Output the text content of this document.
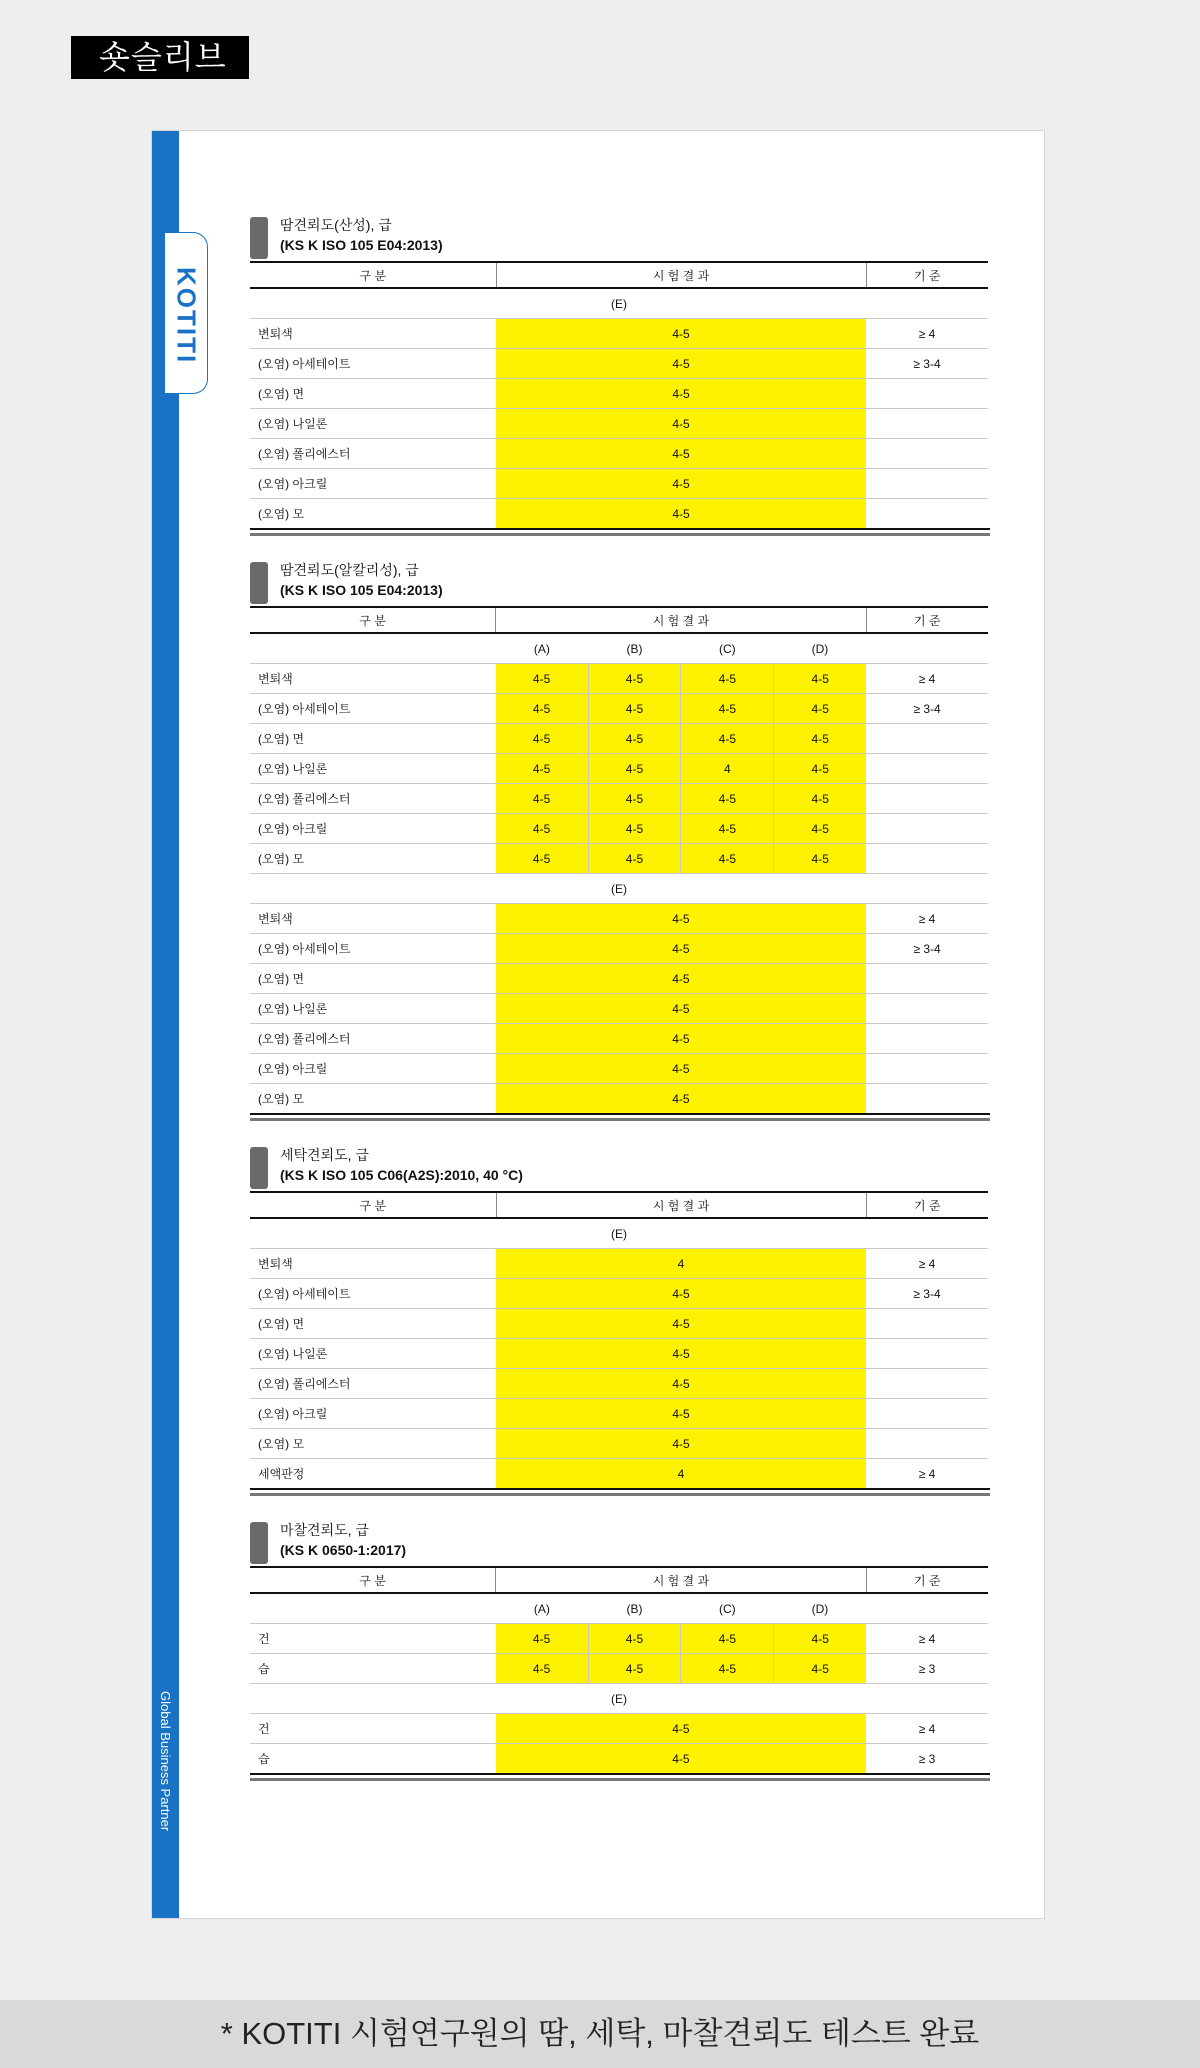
숏슬리브
KOTITI
Global Business Partner
땀견뢰도(산성), 급
(KS K ISO 105 E04:2013)
구 분	시 험 결 과	기 준
(E)		
변퇴색	4-5	≥ 4
(오염) 아세테이트	4-5	≥ 3-4
(오염) 면	4-5	
(오염) 나일론	4-5	
(오염) 폴리에스터	4-5	
(오염) 아크릴	4-5	
(오염) 모	4-5	
땀견뢰도(알칼리성), 급
(KS K ISO 105 E04:2013)
구 분	시 험 결 과				기 준
	(A)	(B)	(C)	(D)	
변퇴색	4-5	4-5	4-5	4-5	≥ 4
(오염) 아세테이트	4-5	4-5	4-5	4-5	≥ 3-4
(오염) 면	4-5	4-5	4-5	4-5	
(오염) 나일론	4-5	4-5	4	4-5	
(오염) 폴리에스터	4-5	4-5	4-5	4-5	
(오염) 아크릴	4-5	4-5	4-5	4-5	
(오염) 모	4-5	4-5	4-5	4-5	
(E)					
변퇴색	4-5				≥ 4
(오염) 아세테이트	4-5				≥ 3-4
(오염) 면	4-5				
(오염) 나일론	4-5				
(오염) 폴리에스터	4-5				
(오염) 아크릴	4-5				
(오염) 모	4-5				
세탁견뢰도, 급
(KS K ISO 105 C06(A2S):2010, 40 °C)
구 분	시 험 결 과	기 준
(E)		
변퇴색	4	≥ 4
(오염) 아세테이트	4-5	≥ 3-4
(오염) 면	4-5	
(오염) 나일론	4-5	
(오염) 폴리에스터	4-5	
(오염) 아크릴	4-5	
(오염) 모	4-5	
세액판정	4	≥ 4
마찰견뢰도, 급
(KS K 0650-1:2017)
구 분	시 험 결 과				기 준
	(A)	(B)	(C)	(D)	
건	4-5	4-5	4-5	4-5	≥ 4
습	4-5	4-5	4-5	4-5	≥ 3
(E)					
건	4-5				≥ 4
습	4-5				≥ 3
* KOTITI 시험연구원의 땀, 세탁, 마찰견뢰도 테스트 완료
